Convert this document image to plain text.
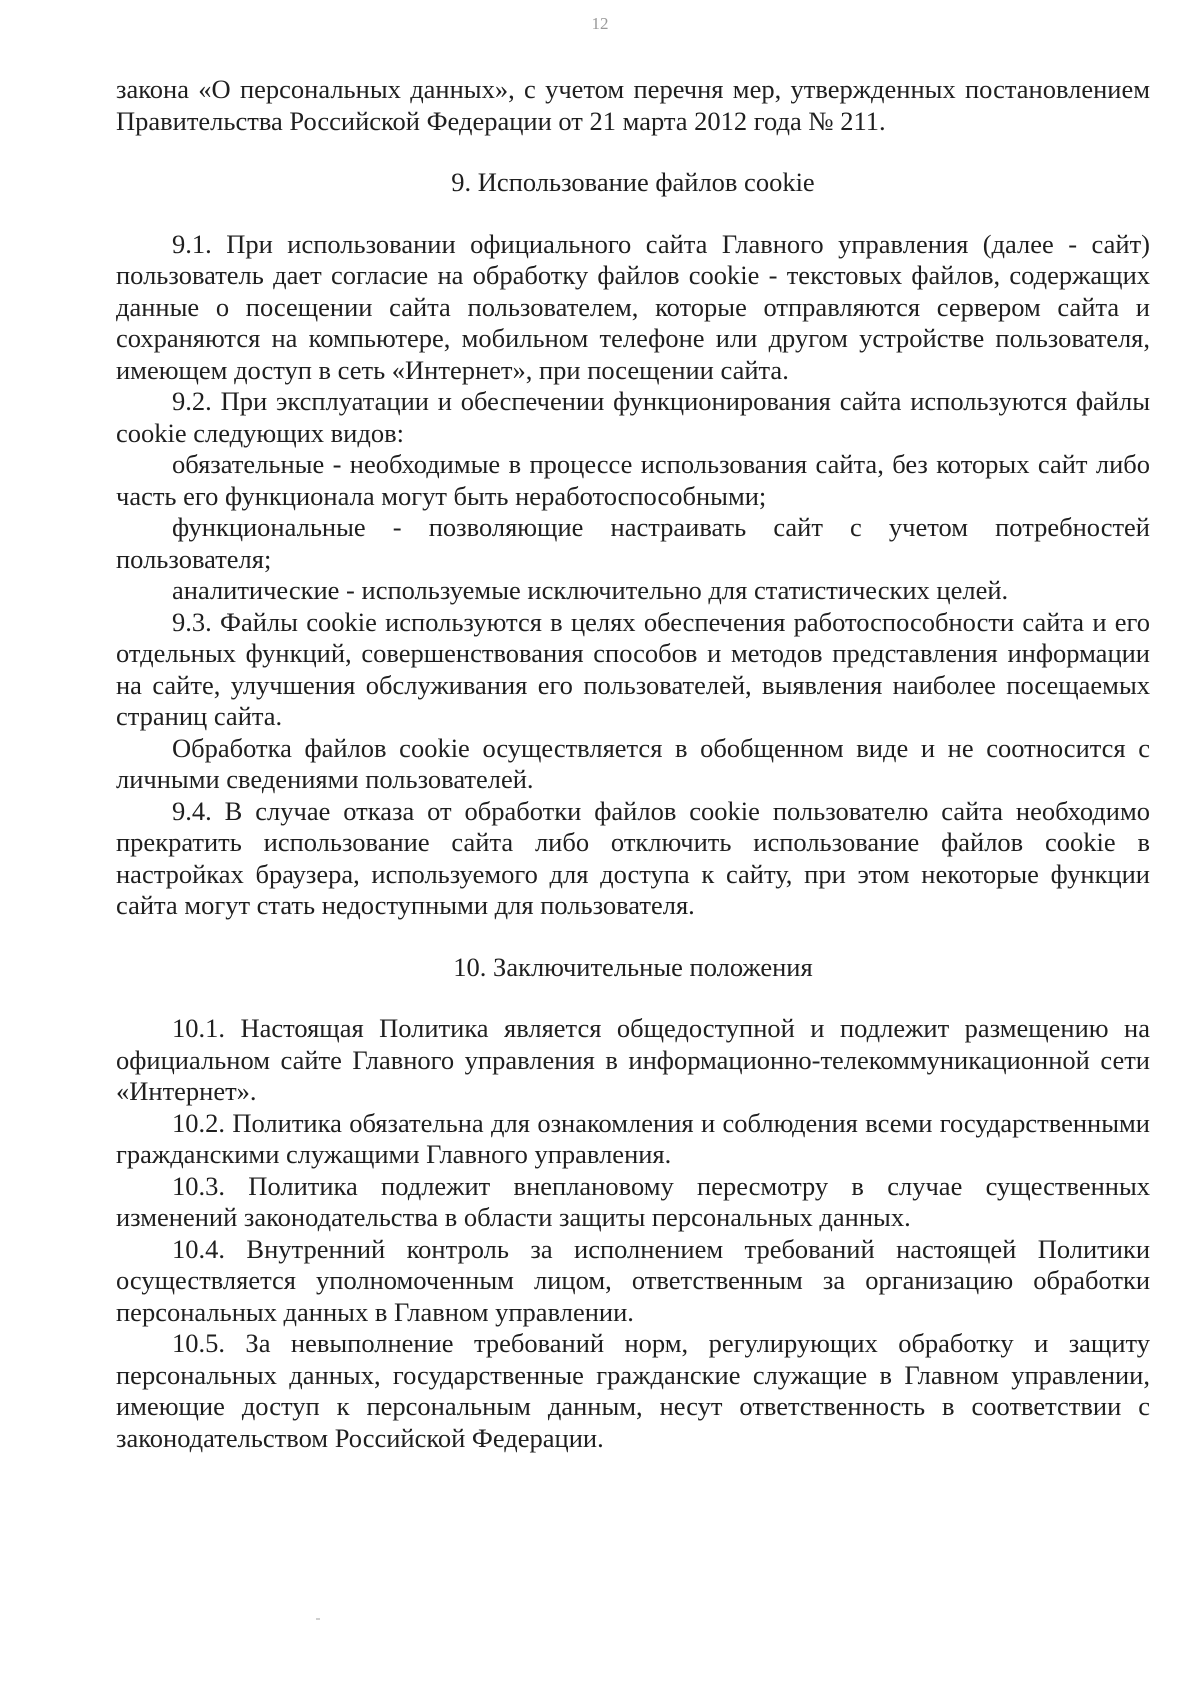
12

закона «О персональных данных», с учетом перечня мер, утвержденных постановлением Правительства Российской Федерации от 21 марта 2012 года № 211.

9. Использование файлов cookie

9.1. При использовании официального сайта Главного управления (далее - сайт) пользователь дает согласие на обработку файлов cookie - текстовых файлов, содержащих данные о посещении сайта пользователем, которые отправляются сервером сайта и сохраняются на компьютере, мобильном телефоне или другом устройстве пользователя, имеющем доступ в сеть «Интернет», при посещении сайта.

9.2. При эксплуатации и обеспечении функционирования сайта используются файлы cookie следующих видов:

обязательные - необходимые в процессе использования сайта, без которых сайт либо часть его функционала могут быть неработоспособными;

функциональные - позволяющие настраивать сайт с учетом потребностей пользователя;

аналитические - используемые исключительно для статистических целей.

9.3. Файлы cookie используются в целях обеспечения работоспособности сайта и его отдельных функций, совершенствования способов и методов представления информации на сайте, улучшения обслуживания его пользователей, выявления наиболее посещаемых страниц сайта.

Обработка файлов cookie осуществляется в обобщенном виде и не соотносится с личными сведениями пользователей.

9.4. В случае отказа от обработки файлов cookie пользователю сайта необходимо прекратить использование сайта либо отключить использование файлов cookie в настройках браузера, используемого для доступа к сайту, при этом некоторые функции сайта могут стать недоступными для пользователя.

10. Заключительные положения

10.1. Настоящая Политика является общедоступной и подлежит размещению на официальном сайте Главного управления в информационно-телекоммуникационной сети «Интернет».

10.2. Политика обязательна для ознакомления и соблюдения всеми государственными гражданскими служащими Главного управления.

10.3. Политика подлежит внеплановому пересмотру в случае существенных изменений законодательства в области защиты персональных данных.

10.4. Внутренний контроль за исполнением требований настоящей Политики осуществляется уполномоченным лицом, ответственным за организацию обработки персональных данных в Главном управлении.

10.5. За невыполнение требований норм, регулирующих обработку и защиту персональных данных, государственные гражданские служащие в Главном управлении, имеющие доступ к персональным данным, несут ответственность в соответствии с законодательством Российской Федерации.
